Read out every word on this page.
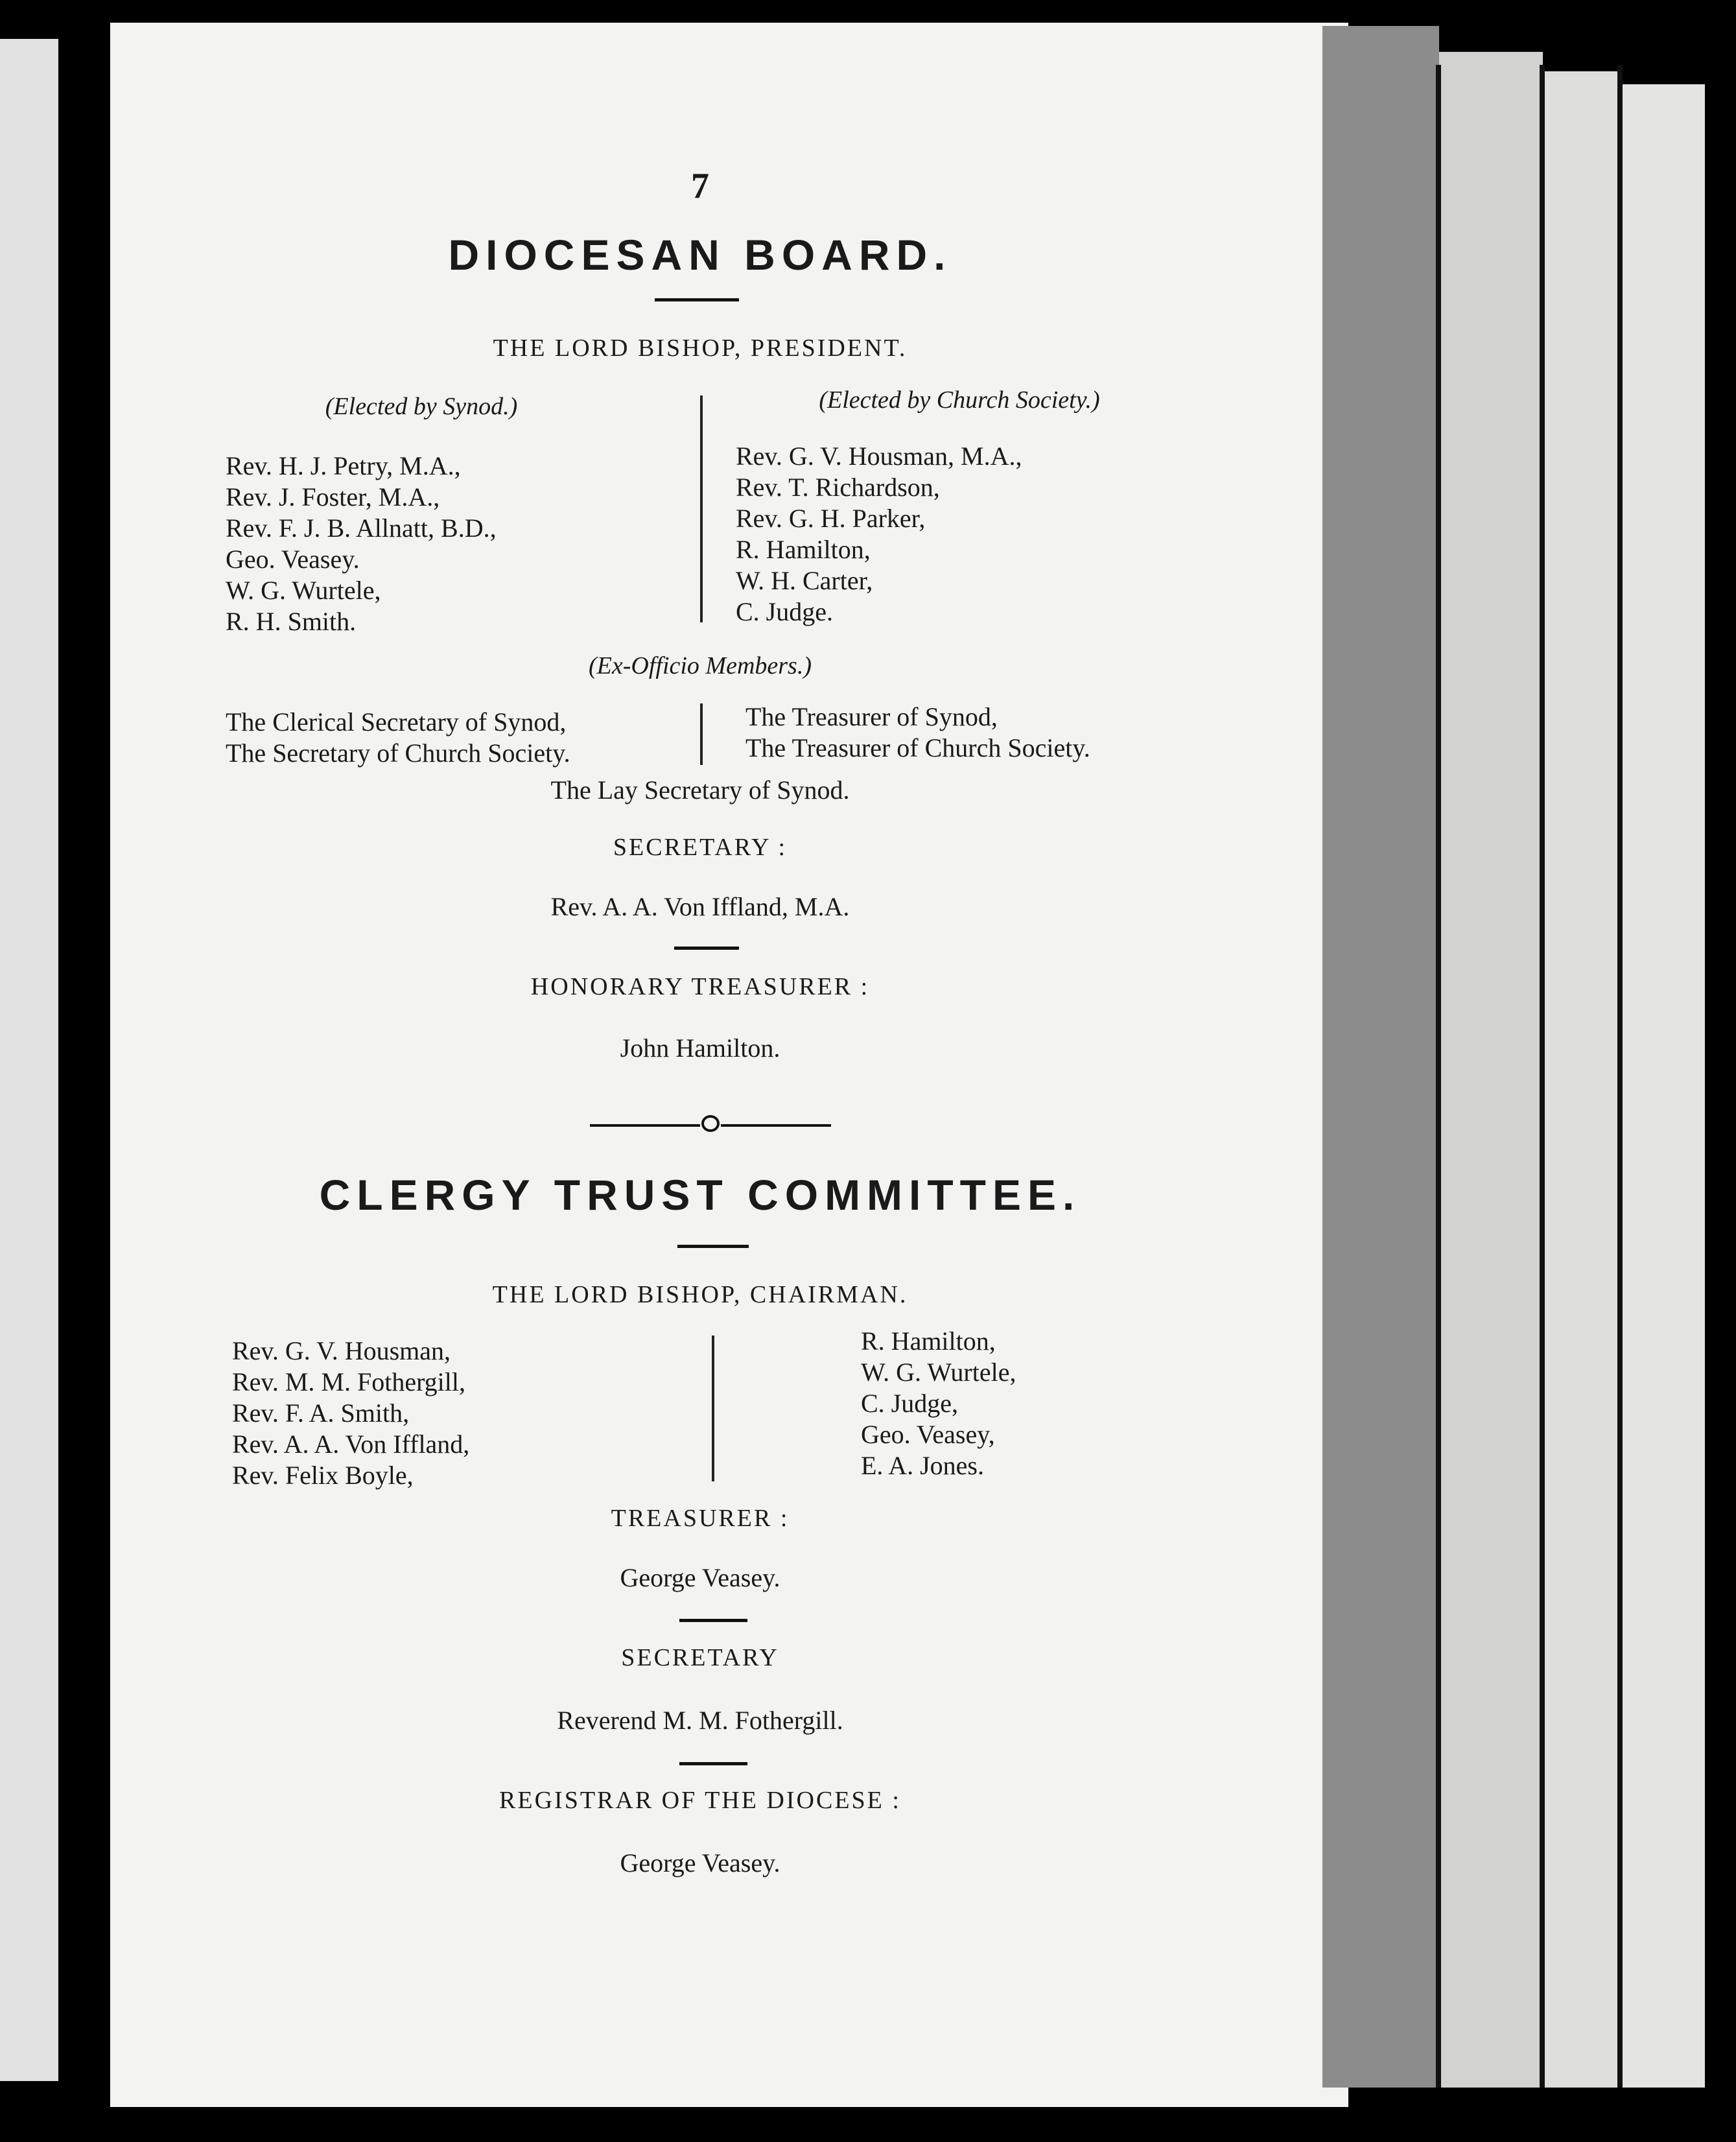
7
DIOCESAN BOARD.
THE LORD BISHOP, PRESIDENT.
(Elected by Synod.)	(Elected by Church Society.)
Rev. H. J. Petry, M.A.,
Rev. J. Foster, M.A.,
Rev. F. J. B. Allnatt, B.D.,
Geo. Veasey.
W. G. Wurtele,
R. H. Smith.
Rev. G. V. Housman, M.A.,
Rev. T. Richardson,
Rev. G. H. Parker,
R. Hamilton,
W. H. Carter,
C. Judge.
(Ex-Officio Members.)
The Clerical Secretary of Synod,
The Secretary of Church Society.
The Treasurer of Synod,
The Treasurer of Church Society.
The Lay Secretary of Synod.
SECRETARY :
Rev. A. A. Von Iffland, M.A.
HONORARY TREASURER :
John Hamilton.
CLERGY TRUST COMMITTEE.
THE LORD BISHOP, CHAIRMAN.
Rev. G. V. Housman,
Rev. M. M. Fothergill,
Rev. F. A. Smith,
Rev. A. A. Von Iffland,
Rev. Felix Boyle,
R. Hamilton,
W. G. Wurtele,
C. Judge,
Geo. Veasey,
E. A. Jones.
TREASURER :
George Veasey.
SECRETARY
Reverend M. M. Fothergill.
REGISTRAR OF THE DIOCESE :
George Veasey.
